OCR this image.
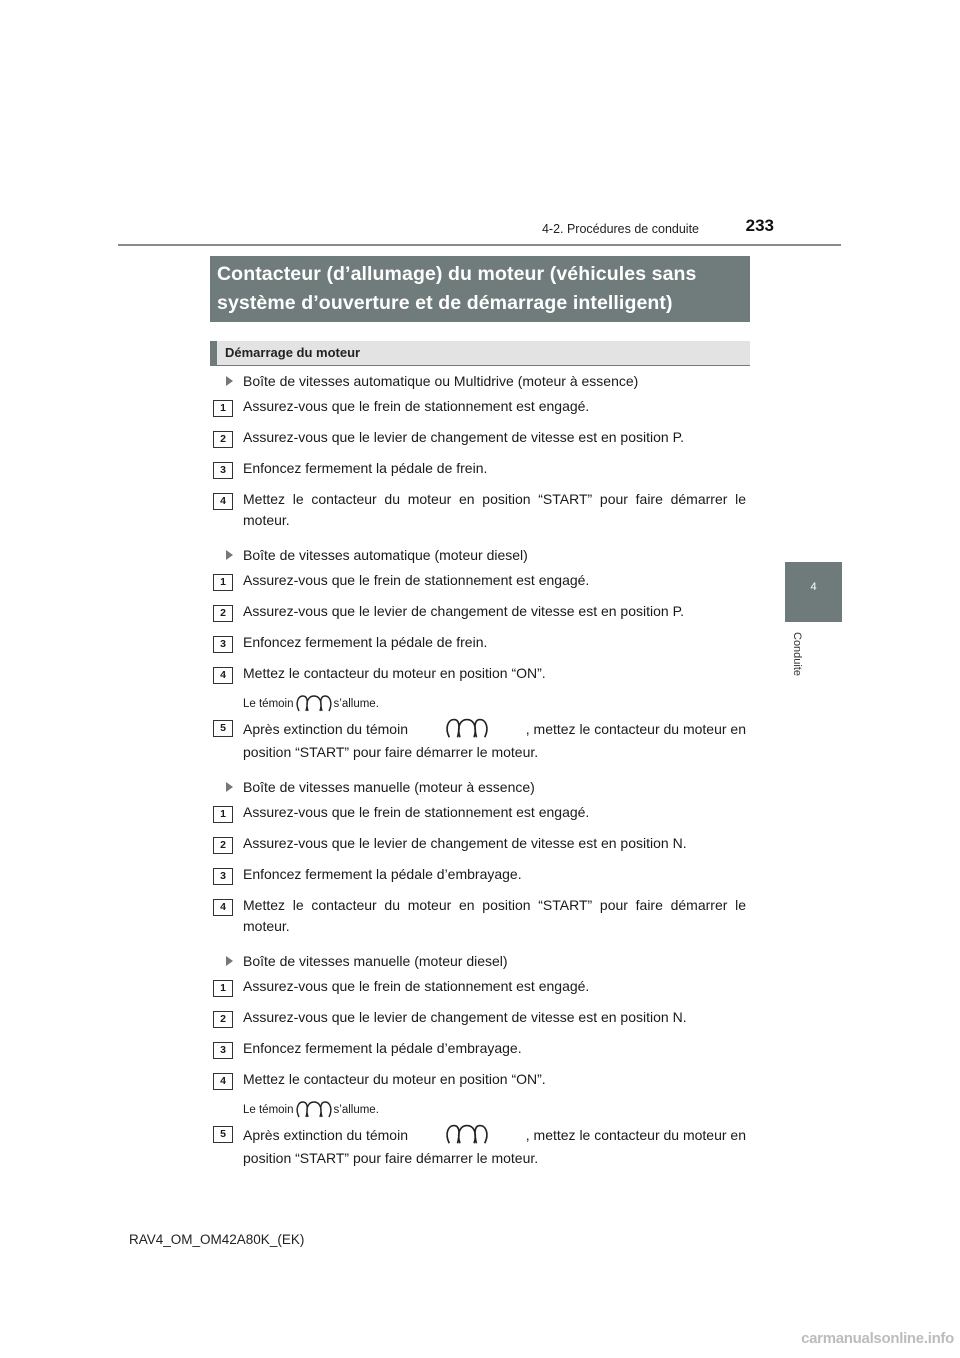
4-2. Procédures de conduite	233
4
Conduite
Contacteur (d’allumage) du moteur (véhicules sans
système d’ouverture et de démarrage intelligent)
Démarrage du moteur
Boîte de vitesses automatique ou Multidrive (moteur à essence)
1	Assurez-vous que le frein de stationnement est engagé.
2	Assurez-vous que le levier de changement de vitesse est en position P.
3	Enfoncez fermement la pédale de frein.
4	Mettez le contacteur du moteur en position “START” pour faire démarrer le moteur.
Boîte de vitesses automatique (moteur diesel)
1	Assurez-vous que le frein de stationnement est engagé.
2	Assurez-vous que le levier de changement de vitesse est en position P.
3	Enfoncez fermement la pédale de frein.
4	Mettez le contacteur du moteur en position “ON”.
Le témoin	s’allume.
5	Après extinction du témoin	, mettez le contacteur du moteur en
position “START” pour faire démarrer le moteur.
Boîte de vitesses manuelle (moteur à essence)
1	Assurez-vous que le frein de stationnement est engagé.
2	Assurez-vous que le levier de changement de vitesse est en position N.
3	Enfoncez fermement la pédale d’embrayage.
4	Mettez le contacteur du moteur en position “START” pour faire démarrer le moteur.
Boîte de vitesses manuelle (moteur diesel)
1	Assurez-vous que le frein de stationnement est engagé.
2	Assurez-vous que le levier de changement de vitesse est en position N.
3	Enfoncez fermement la pédale d’embrayage.
4	Mettez le contacteur du moteur en position “ON”.
Le témoin	s’allume.
5	Après extinction du témoin	, mettez le contacteur du moteur en
position “START” pour faire démarrer le moteur.
RAV4_OM_OM42A80K_(EK)
carmanualsonline.info
